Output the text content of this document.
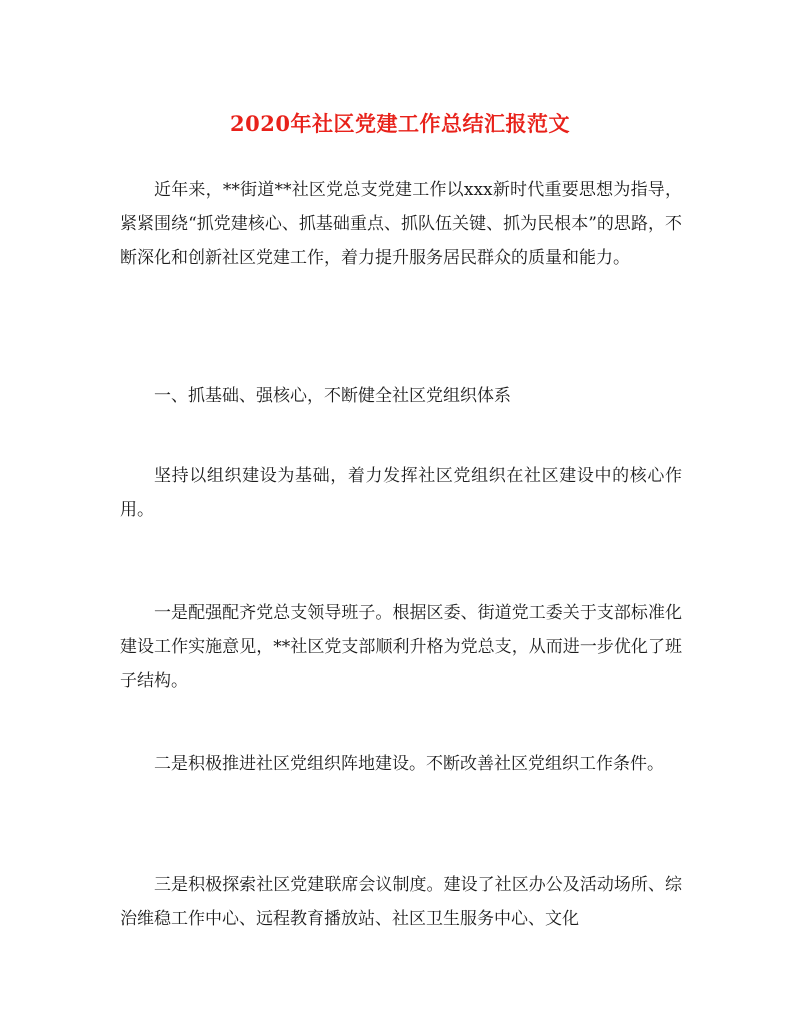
2020年社区党建工作总结汇报范文
近年来，**街道**社区党总支党建工作以xxx新时代重要思想为指导，紧紧围绕“抓党建核心、抓基础重点、抓队伍关键、抓为民根本”的思路，不断深化和创新社区党建工作，着力提升服务居民群众的质量和能力。
一、抓基础、强核心，不断健全社区党组织体系
坚持以组织建设为基础，着力发挥社区党组织在社区建设中的核心作用。
一是配强配齐党总支领导班子。根据区委、街道党工委关于支部标准化建设工作实施意见，**社区党支部顺利升格为党总支，从而进一步优化了班子结构。
二是积极推进社区党组织阵地建设。不断改善社区党组织工作条件。
三是积极探索社区党建联席会议制度。建设了社区办公及活动场所、综治维稳工作中心、远程教育播放站、社区卫生服务中心、文化
